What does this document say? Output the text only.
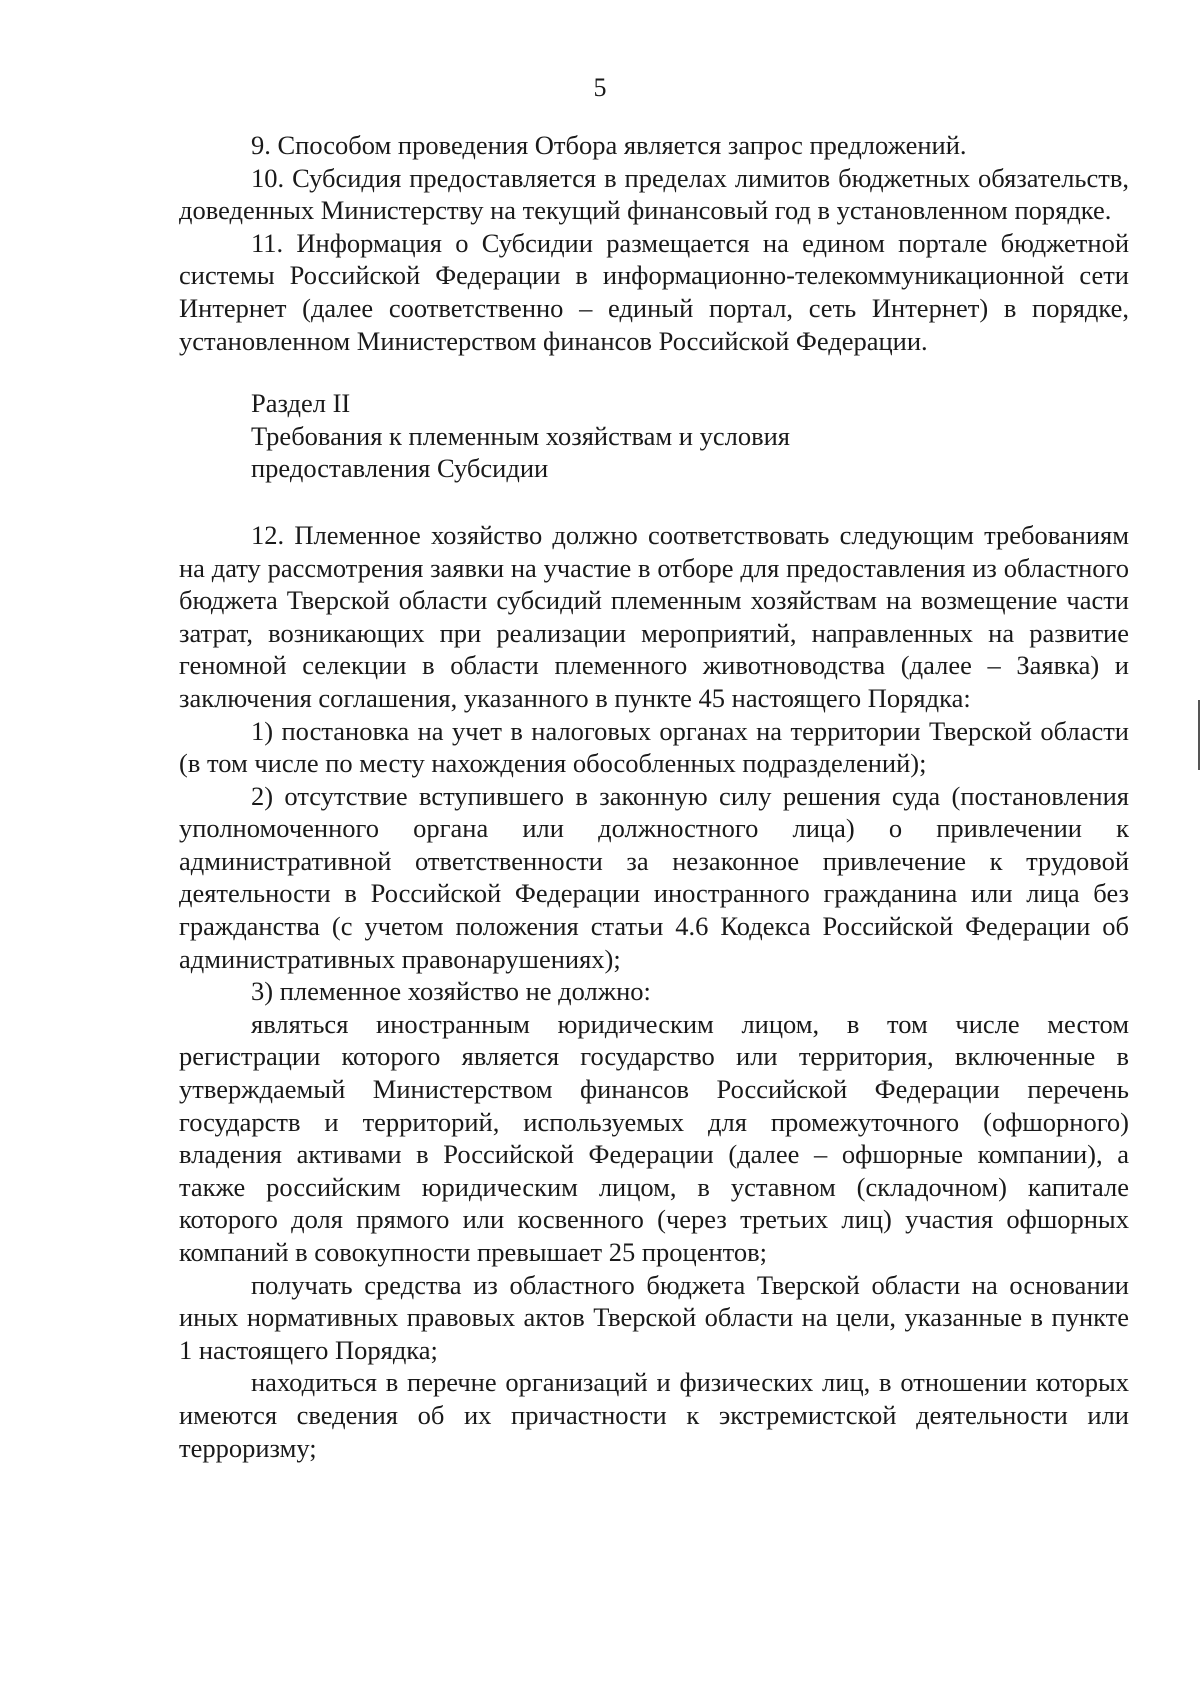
5

9. Способом проведения Отбора является запрос предложений.

10. Субсидия предоставляется в пределах лимитов бюджетных обязательств, доведенных Министерству на текущий финансовый год в установленном порядке.

11. Информация о Субсидии размещается на едином портале бюджетной системы Российской Федерации в информационно-телекоммуникационной сети Интернет (далее соответственно – единый портал, сеть Интернет) в порядке, установленном Министерством финансов Российской Федерации.

Раздел II

Требования к племенным хозяйствам и условия

предоставления Субсидии

12. Племенное хозяйство должно соответствовать следующим требованиям на дату рассмотрения заявки на участие в отборе для предоставления из областного бюджета Тверской области субсидий племенным хозяйствам на возмещение части затрат, возникающих при реализации мероприятий, направленных на развитие геномной селекции в области племенного животноводства (далее – Заявка) и заключения соглашения, указанного в пункте 45 настоящего Порядка:

1) постановка на учет в налоговых органах на территории Тверской области (в том числе по месту нахождения обособленных подразделений);

2) отсутствие вступившего в законную силу решения суда (постановления уполномоченного органа или должностного лица) о привлечении к административной ответственности за незаконное привлечение к трудовой деятельности в Российской Федерации иностранного гражданина или лица без гражданства (с учетом положения статьи 4.6 Кодекса Российской Федерации об административных правонарушениях);

3) племенное хозяйство не должно:

являться иностранным юридическим лицом, в том числе местом регистрации которого является государство или территория, включенные в утверждаемый Министерством финансов Российской Федерации перечень государств и территорий, используемых для промежуточного (офшорного) владения активами в Российской Федерации (далее – офшорные компании), а также российским юридическим лицом, в уставном (складочном) капитале которого доля прямого или косвенного (через третьих лиц) участия офшорных компаний в совокупности превышает 25 процентов;

получать средства из областного бюджета Тверской области на основании иных нормативных правовых актов Тверской области на цели, указанные в пункте 1 настоящего Порядка;

находиться в перечне организаций и физических лиц, в отношении которых имеются сведения об их причастности к экстремистской деятельности или терроризму;
